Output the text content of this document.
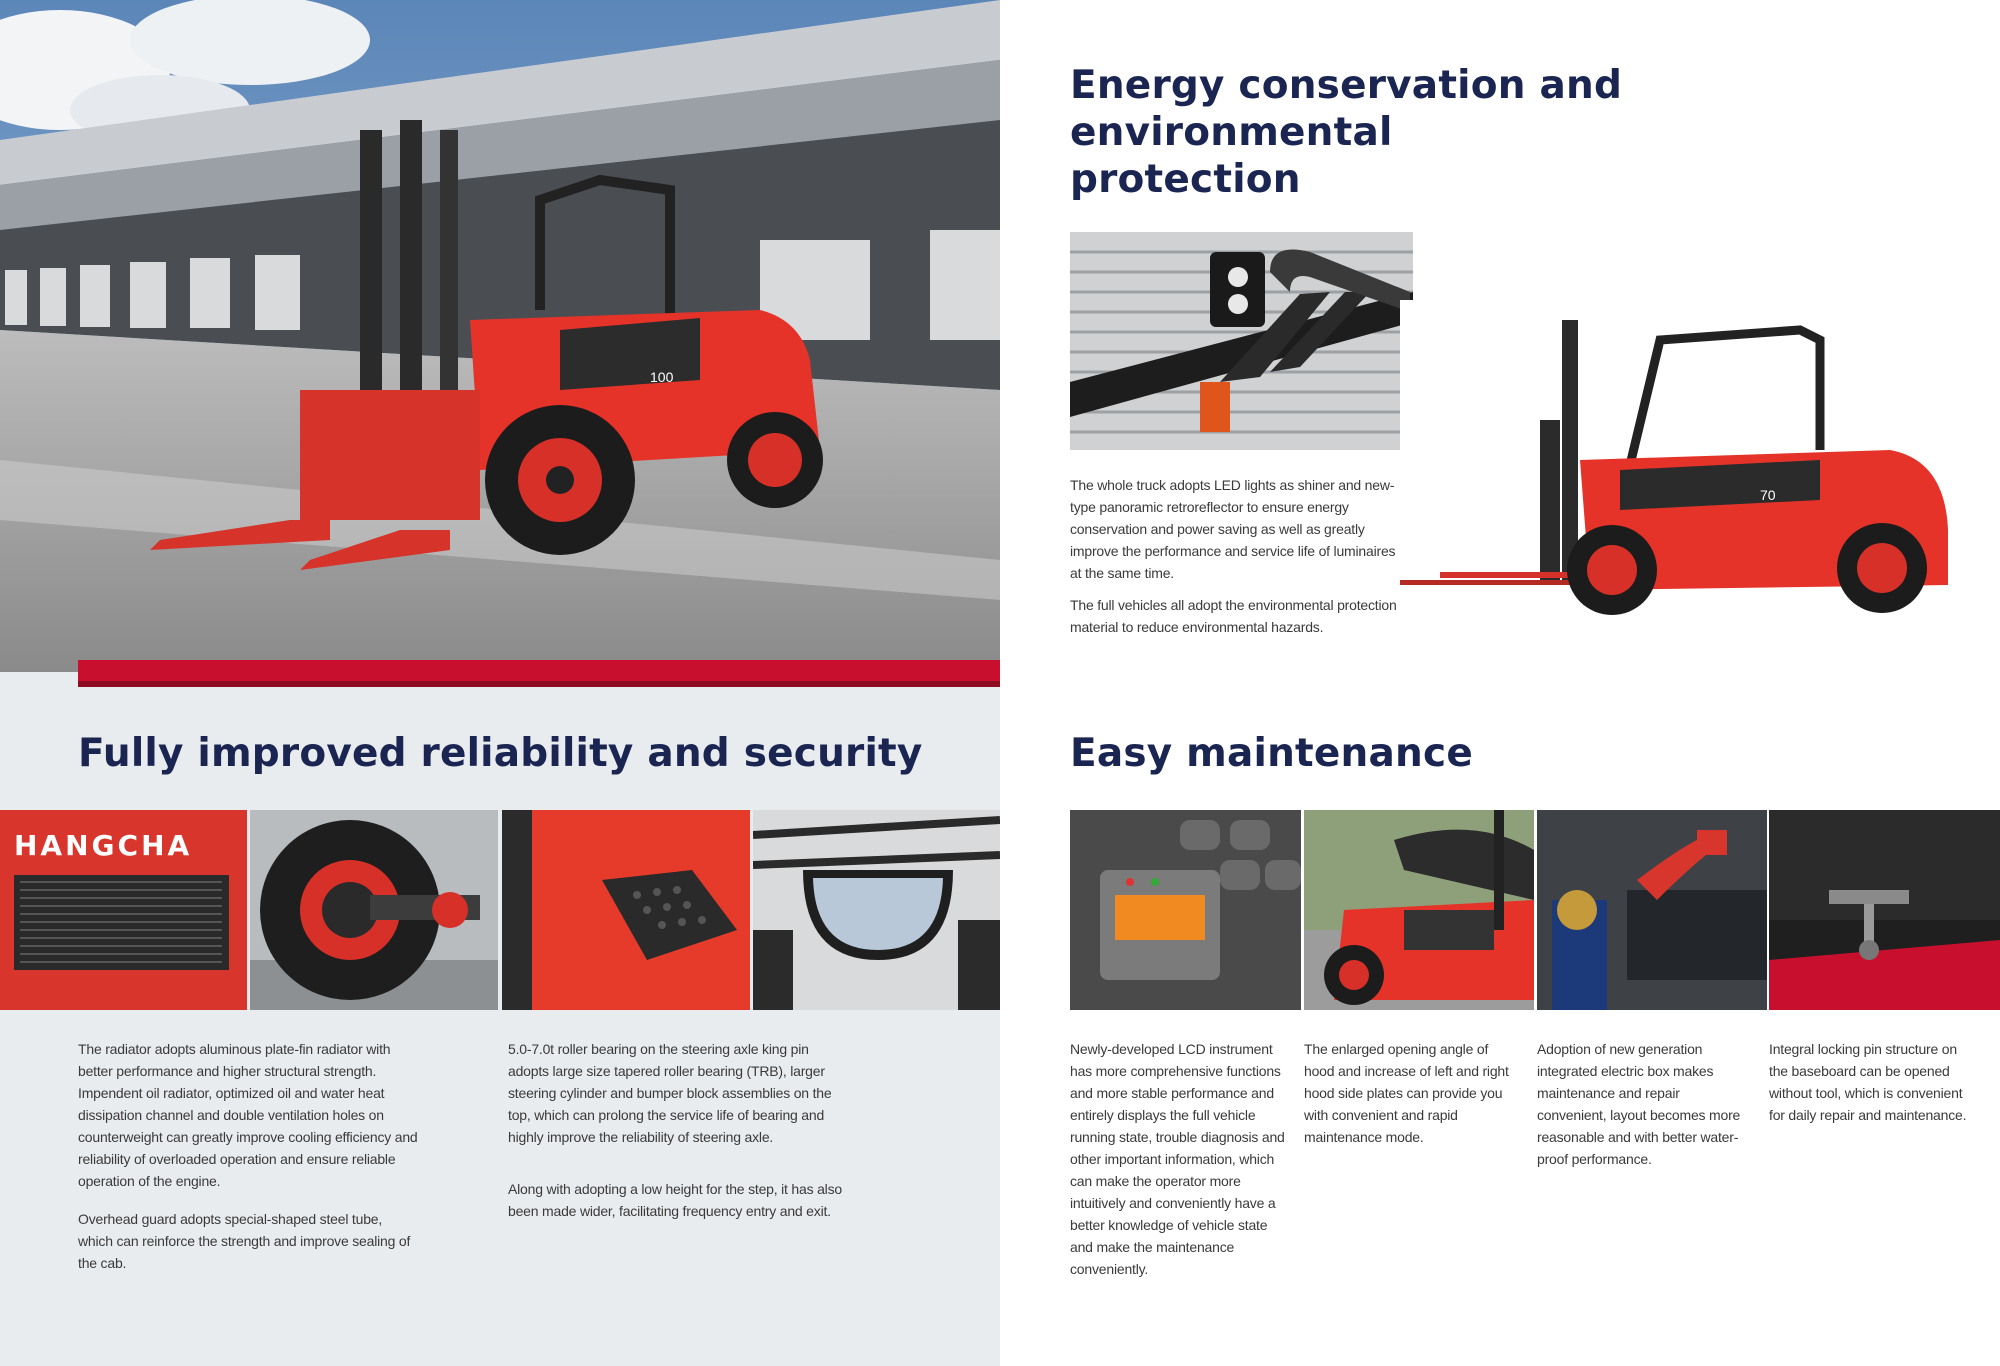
100
Energy conservation and environmental protection

The whole truck adopts LED lights as shiner and new-type panoramic retroreflector to ensure energy conservation and power saving as well as greatly improve the performance and service life of luminaires at the same time.

The full vehicles all adopt the environmental protection material to reduce environmental hazards.

70
Fully improved reliability and security
HANGCHA

The radiator adopts aluminous plate-fin radiator with better performance and higher structural strength. Impendent oil radiator, optimized oil and water heat dissipation channel and double ventilation holes on counterweight can greatly improve cooling efficiency and reliability of overloaded operation and ensure reliable operation of the engine.

Overhead guard adopts special-shaped steel tube, which can reinforce the strength and improve sealing of the cab.

5.0-7.0t roller bearing on the steering axle king pin adopts large size tapered roller bearing (TRB), larger steering cylinder and bumper block assemblies on the top, which can prolong the service life of bearing and highly improve the reliability of steering axle.

Along with adopting a low height for the step, it has also been made wider, facilitating frequency entry and exit.

Easy maintenance

Newly-developed LCD instrument has more comprehensive functions and more stable performance and entirely displays the full vehicle running state, trouble diagnosis and other important information, which can make the operator more intuitively and conveniently have a better knowledge of vehicle state and make the maintenance conveniently.

The enlarged opening angle of hood and increase of left and right hood side plates can provide you with convenient and rapid maintenance mode.

Adoption of new generation integrated electric box makes maintenance and repair convenient, layout becomes more reasonable and with better water-proof performance.

Integral locking pin structure on the baseboard can be opened without tool, which is convenient for daily repair and maintenance.
